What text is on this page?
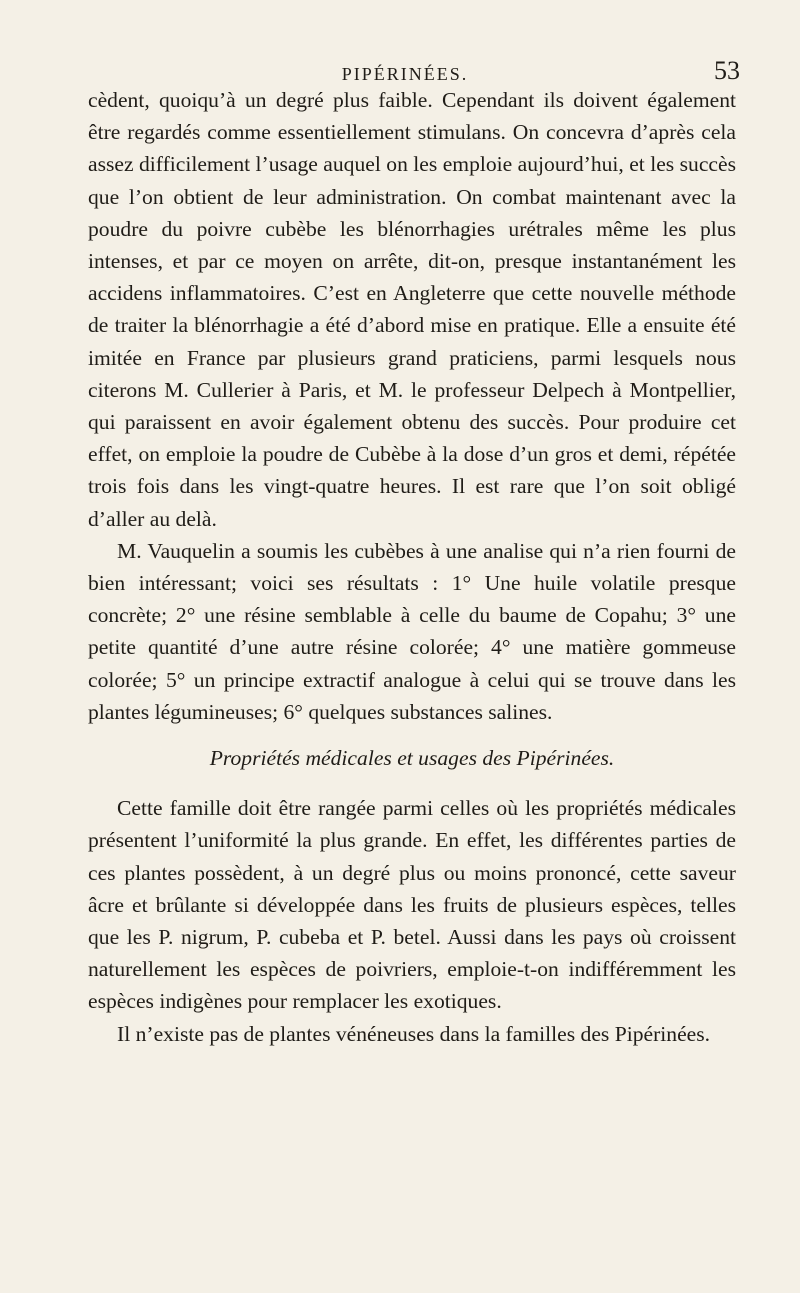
PIPÉRINÉES.	53

cèdent, quoiqu’à un degré plus faible. Cependant ils doivent également être regardés comme essentiellement stimulans. On concevra d’après cela assez difficilement l’usage auquel on les emploie aujourd’hui, et les succès que l’on obtient de leur administration. On combat maintenant avec la poudre du poivre cubèbe les blénorrhagies urétrales même les plus intenses, et par ce moyen on arrête, dit-on, presque instantanément les accidens inflammatoires. C’est en Angleterre que cette nouvelle méthode de traiter la blénorrhagie a été d’abord mise en pratique. Elle a ensuite été imitée en France par plusieurs grand praticiens, parmi lesquels nous citerons M. Cullerier à Paris, et M. le professeur Delpech à Montpellier, qui paraissent en avoir également obtenu des succès. Pour produire cet effet, on emploie la poudre de Cubèbe à la dose d’un gros et demi, répétée trois fois dans les vingt-quatre heures. Il est rare que l’on soit obligé d’aller au delà.

M. Vauquelin a soumis les cubèbes à une analise qui n’a rien fourni de bien intéressant; voici ses résultats : 1° Une huile volatile presque concrète; 2° une résine semblable à celle du baume de Copahu; 3° une petite quantité d’une autre résine colorée; 4° une matière gommeuse colorée; 5° un principe extractif analogue à celui qui se trouve dans les plantes légumineuses; 6° quelques substances salines.

Propriétés médicales et usages des Pipérinées.

Cette famille doit être rangée parmi celles où les propriétés médicales présentent l’uniformité la plus grande. En effet, les différentes parties de ces plantes possèdent, à un degré plus ou moins prononcé, cette saveur âcre et brûlante si développée dans les fruits de plusieurs espèces, telles que les P. nigrum, P. cubeba et P. betel. Aussi dans les pays où croissent naturellement les espèces de poivriers, emploie-t-on indifféremment les espèces indigènes pour remplacer les exotiques.

Il n’existe pas de plantes vénéneuses dans la familles des Pipérinées.
